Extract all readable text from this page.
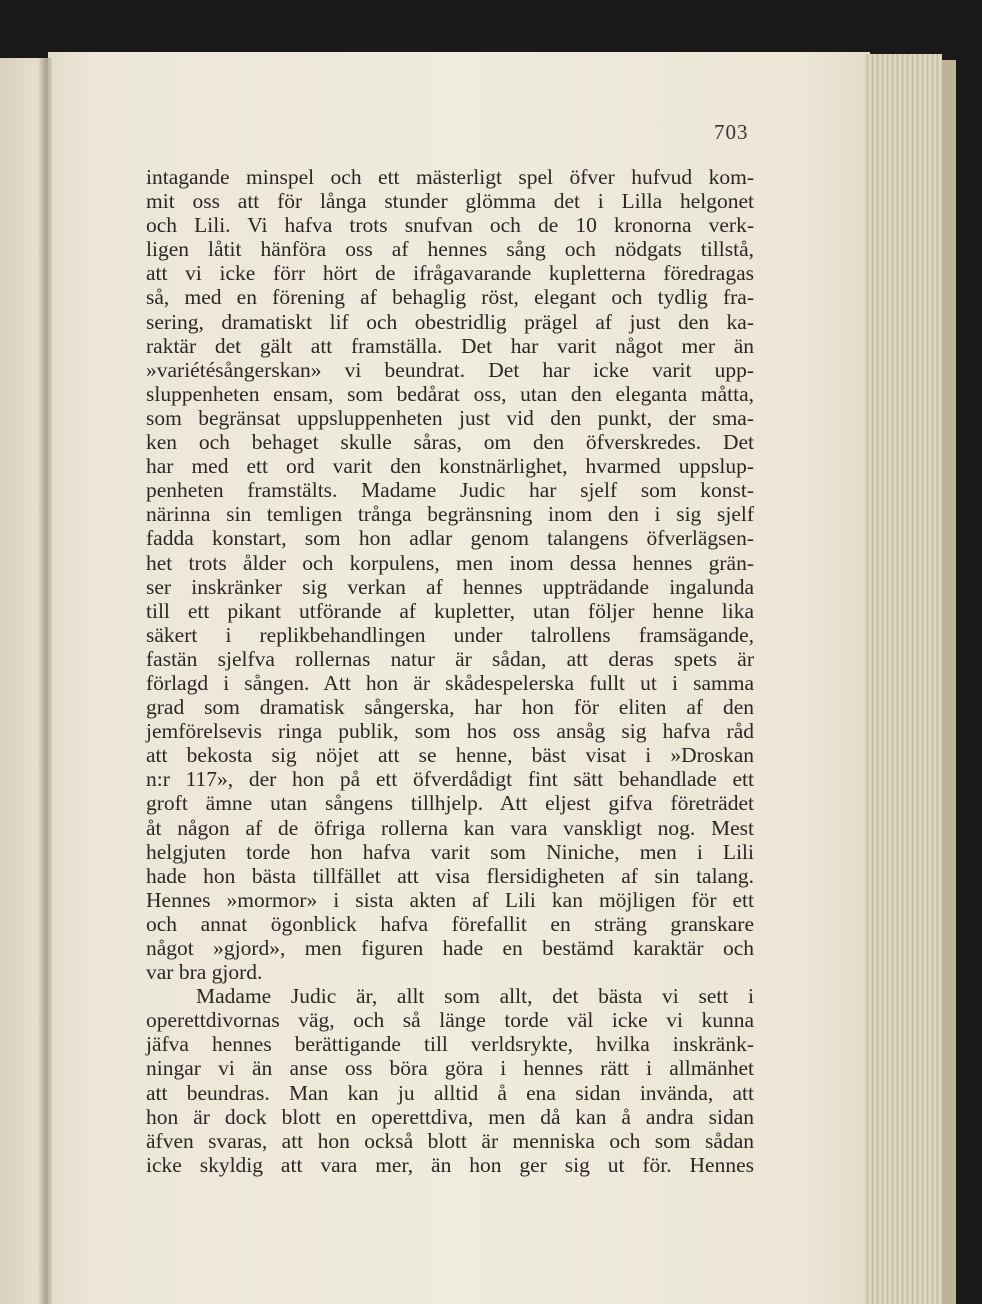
703
intagande minspel och ett mästerligt spel öfver hufvud kom-
mit oss att för långa stunder glömma det i Lilla helgonet
och Lili. Vi hafva trots snufvan och de 10 kronorna verk-
ligen låtit hänföra oss af hennes sång och nödgats tillstå,
att vi icke förr hört de ifrågavarande kupletterna föredragas
så, med en förening af behaglig röst, elegant och tydlig fra-
sering, dramatiskt lif och obestridlig prägel af just den ka-
raktär det gält att framställa. Det har varit något mer än
»variétésångerskan» vi beundrat. Det har icke varit upp-
sluppenheten ensam, som bedårat oss, utan den eleganta måtta,
som begränsat uppsluppenheten just vid den punkt, der sma-
ken och behaget skulle såras, om den öfverskredes. Det
har med ett ord varit den konstnärlighet, hvarmed uppslup-
penheten framstälts. Madame Judic har sjelf som konst-
närinna sin temligen trånga begränsning inom den i sig sjelf
fadda konstart, som hon adlar genom talangens öfverlägsen-
het trots ålder och korpulens, men inom dessa hennes grän-
ser inskränker sig verkan af hennes uppträdande ingalunda
till ett pikant utförande af kupletter, utan följer henne lika
säkert i replikbehandlingen under talrollens framsägande,
fastän sjelfva rollernas natur är sådan, att deras spets är
förlagd i sången. Att hon är skådespelerska fullt ut i samma
grad som dramatisk sångerska, har hon för eliten af den
jemförelsevis ringa publik, som hos oss ansåg sig hafva råd
att bekosta sig nöjet att se henne, bäst visat i »Droskan
n:r 117», der hon på ett öfverdådigt fint sätt behandlade ett
groft ämne utan sångens tillhjelp. Att eljest gifva företrädet
åt någon af de öfriga rollerna kan vara vanskligt nog. Mest
helgjuten torde hon hafva varit som Niniche, men i Lili
hade hon bästa tillfället att visa flersidigheten af sin talang.
Hennes »mormor» i sista akten af Lili kan möjligen för ett
och annat ögonblick hafva förefallit en sträng granskare
något »gjord», men figuren hade en bestämd karaktär och
var bra gjord.
Madame Judic är, allt som allt, det bästa vi sett i
operettdivornas väg, och så länge torde väl icke vi kunna
jäfva hennes berättigande till verldsrykte, hvilka inskränk-
ningar vi än anse oss böra göra i hennes rätt i allmänhet
att beundras. Man kan ju alltid å ena sidan invända, att
hon är dock blott en operettdiva, men då kan å andra sidan
äfven svaras, att hon också blott är menniska och som sådan
icke skyldig att vara mer, än hon ger sig ut för. Hennes
